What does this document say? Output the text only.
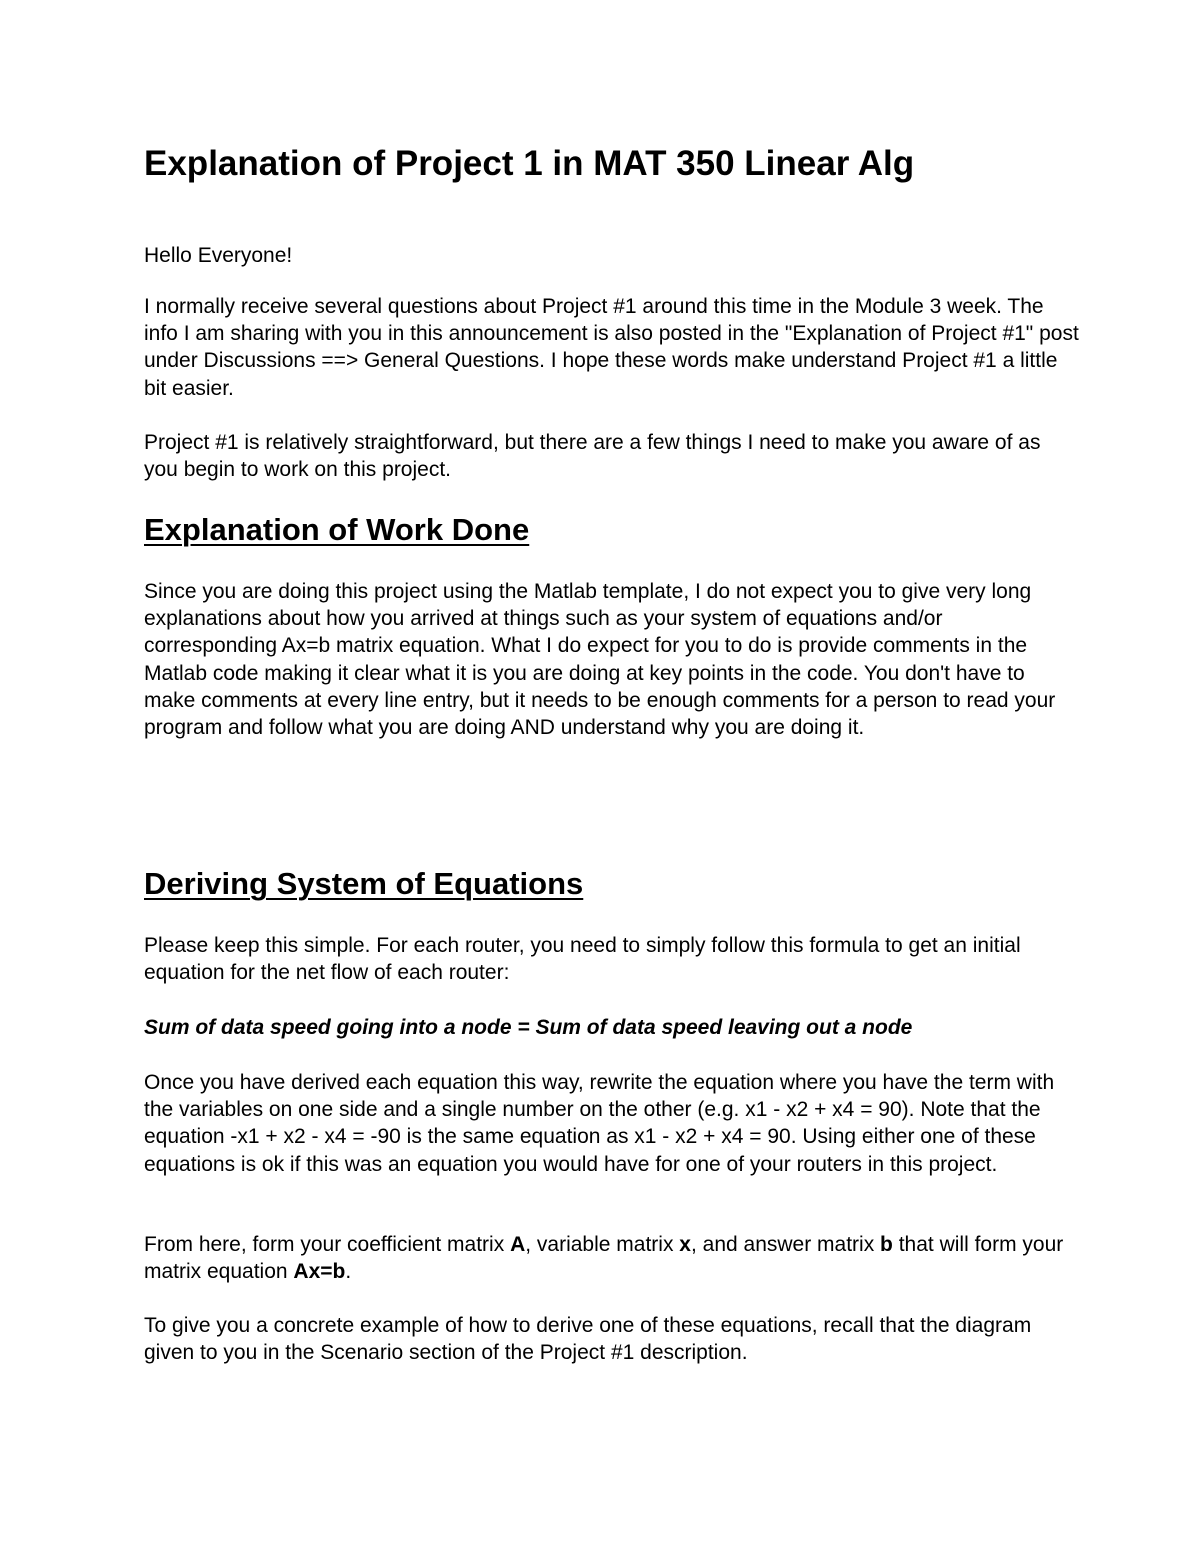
Explanation of Project 1 in MAT 350 Linear Alg

Hello Everyone!

I normally receive several questions about Project #1 around this time in the Module 3 week. The info I am sharing with you in this announcement is also posted in the "Explanation of Project #1" post under Discussions ==> General Questions. I hope these words make understand Project #1 a little bit easier.

Project #1 is relatively straightforward, but there are a few things I need to make you aware of as you begin to work on this project.

Explanation of Work Done

Since you are doing this project using the Matlab template, I do not expect you to give very long explanations about how you arrived at things such as your system of equations and/or corresponding Ax=b matrix equation. What I do expect for you to do is provide comments in the Matlab code making it clear what it is you are doing at key points in the code. You don't have to make comments at every line entry, but it needs to be enough comments for a person to read your program and follow what you are doing AND understand why you are doing it.

Deriving System of Equations

Please keep this simple. For each router, you need to simply follow this formula to get an initial equation for the net flow of each router:

Sum of data speed going into a node = Sum of data speed leaving out a node

Once you have derived each equation this way, rewrite the equation where you have the term with the variables on one side and a single number on the other (e.g. x1 - x2 + x4 = 90). Note that the equation -x1 + x2 - x4 = -90 is the same equation as x1 - x2 + x4 = 90. Using either one of these equations is ok if this was an equation you would have for one of your routers in this project.

From here, form your coefficient matrix A, variable matrix x, and answer matrix b that will form your matrix equation Ax=b.

To give you a concrete example of how to derive one of these equations, recall that the diagram given to you in the Scenario section of the Project #1 description.
